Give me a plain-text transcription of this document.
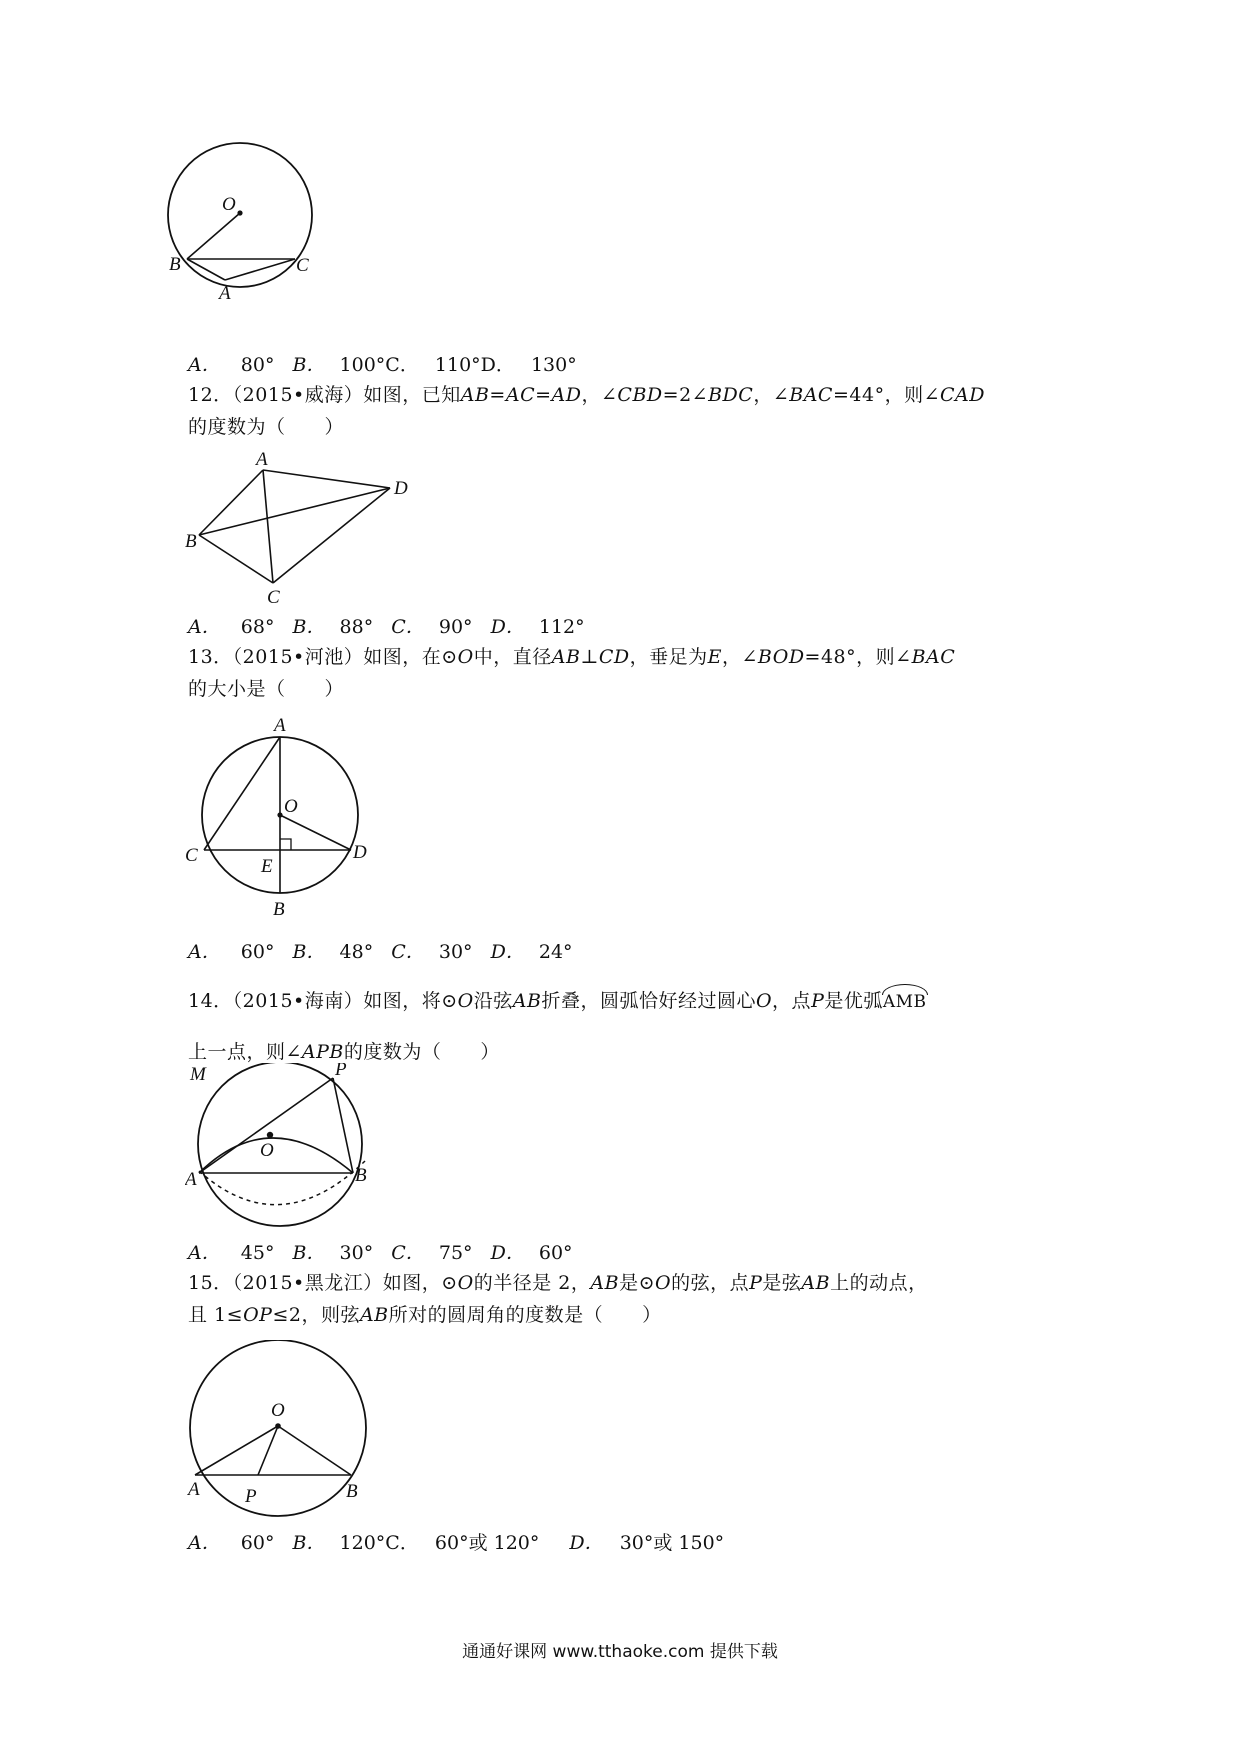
O
B	C
A
A． 80° B． 100°C． 110°D． 130°
12．（2015•威海）如图，已知AB=AC=AD，∠CBD=2∠BDC，∠BAC=44°，则∠CAD
的度数为（　　）
A
D
B
C
A． 68° B． 88° C． 90° D． 112°
13．（2015•河池）如图，在⊙O中，直径AB⊥CD，垂足为E，∠BOD=48°，则∠BAC
的大小是（　　）
A
O
C
E
D
B
A． 60° B． 48° C． 30° D． 24°
14．（2015•海南）如图，将⊙O沿弦AB折叠，圆弧恰好经过圆心O，点P是优弧AMB
上一点，则∠APB的度数为（　　）
M	P
O
A	B
A． 45° B． 30° C． 75° D． 60°
15．（2015•黑龙江）如图，⊙O的半径是 2，AB是⊙O的弦，点P是弦AB上的动点，
且 1≤OP≤2，则弦AB所对的圆周角的度数是（　　）
O
A P	B
A． 60° B． 120°C． 60°或 120° D． 30°或 150°
通通好课网 www.tthaoke.com 提供下载
